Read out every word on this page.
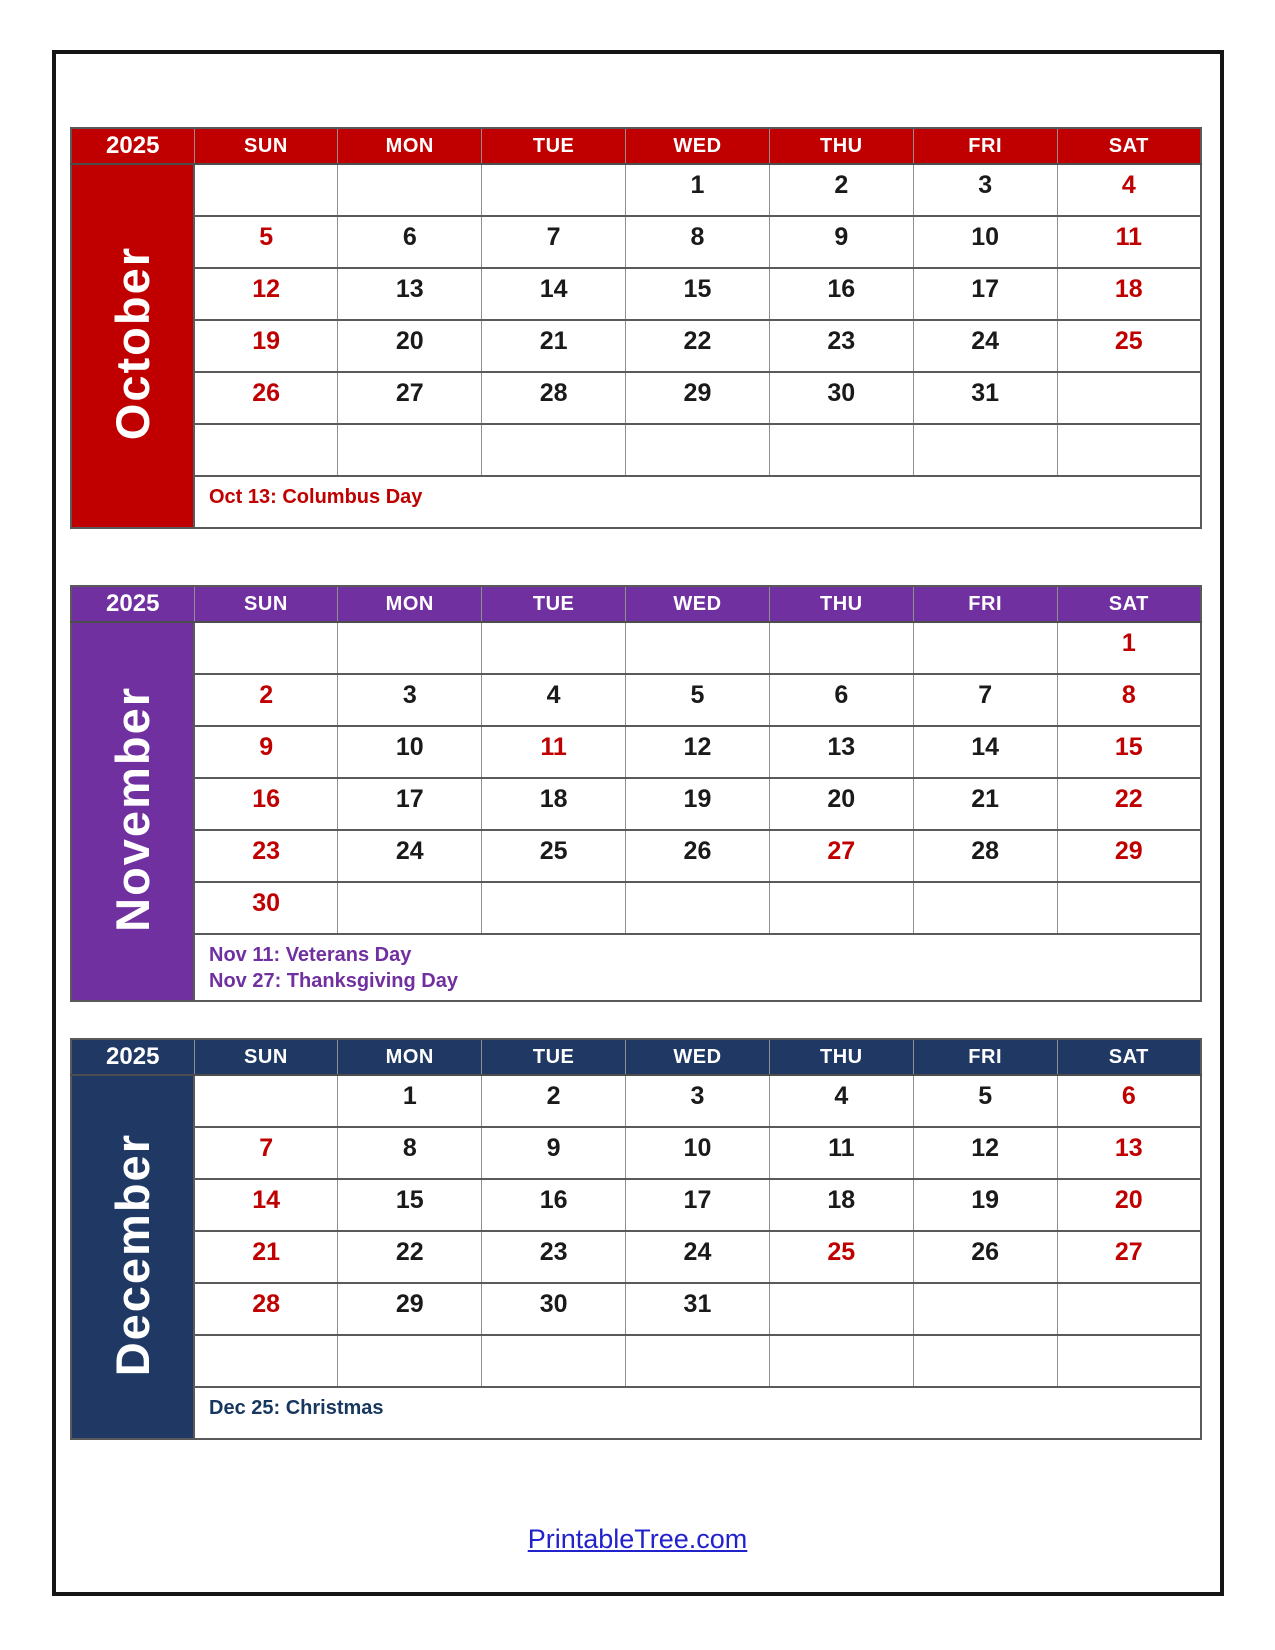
2025	SUN	MON	TUE	WED	THU	FRI	SAT
October				1	2	3	4
	5	6	7	8	9	10	11
	12	13	14	15	16	17	18
	19	20	21	22	23	24	25
	26	27	28	29	30	31	

	Oct 13: Columbus Day						
2025	SUN	MON	TUE	WED	THU	FRI	SAT
November							1
	2	3	4	5	6	7	8
	9	10	11	12	13	14	15
	16	17	18	19	20	21	22
	23	24	25	26	27	28	29
	30						

	Nov 11: Veterans Day
Nov 27: Thanksgiving Day						
2025	SUN	MON	TUE	WED	THU	FRI	SAT
December		1	2	3	4	5	6
	7	8	9	10	11	12	13
	14	15	16	17	18	19	20
	21	22	23	24	25	26	27
	28	29	30	31			

	Dec 25: Christmas						
PrintableTree.com
